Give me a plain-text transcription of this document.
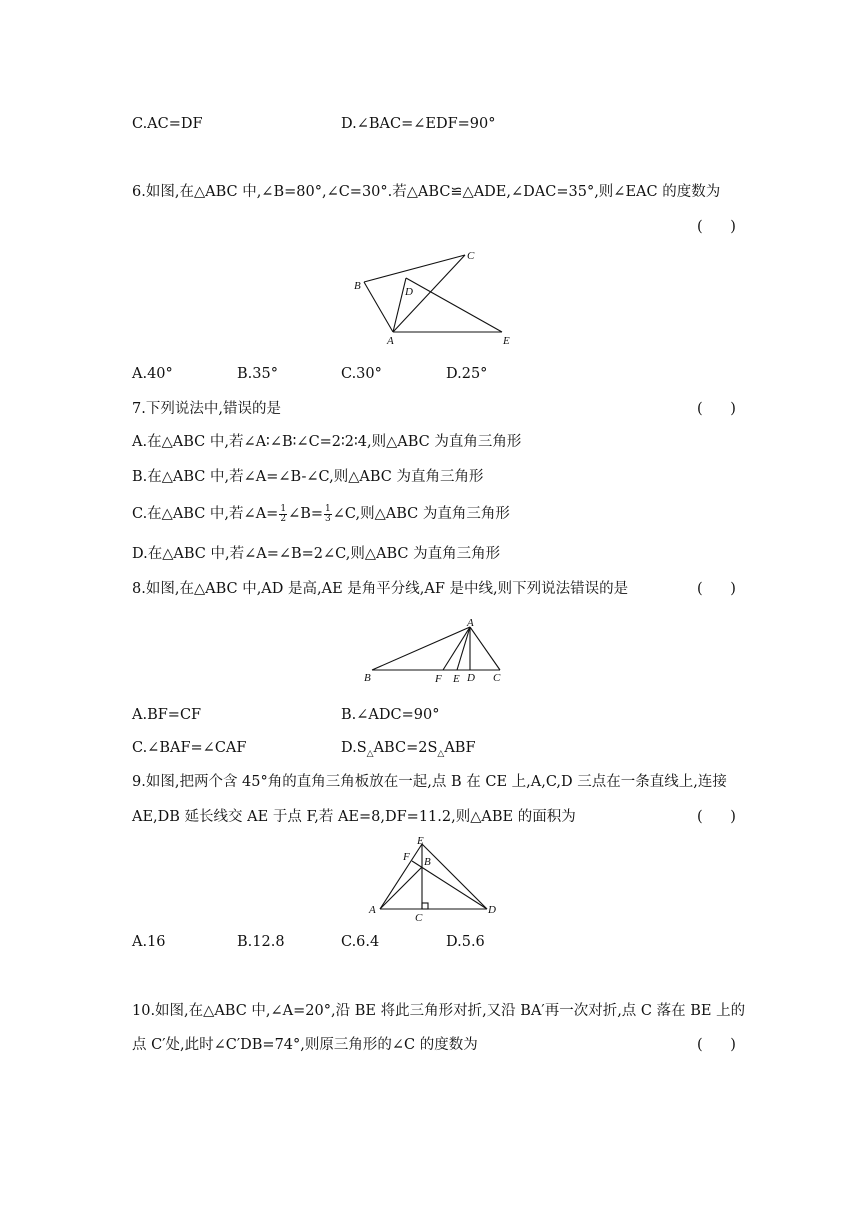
C.AC=DF	D.∠BAC=∠EDF=90°
6.如图,在△ABC 中,∠B=80°,∠C=30°.若△ABC≌△ADE,∠DAC=35°,则∠EAC 的度数为
(      )
B
C
D
A	E
A.40°	B.35°	C.30°	D.25°
7.下列说法中,错误的是	(      )
A.在△ABC 中,若∠A∶∠B∶∠C=2∶2∶4,则△ABC 为直角三角形
B.在△ABC 中,若∠A=∠B-∠C,则△ABC 为直角三角形
C.在△ABC 中,若∠A= $\frac{1}{2}$ ∠B= $\frac{1}{3}$ ∠C,则△ABC 为直角三角形
D.在△ABC 中,若∠A=∠B=2∠C,则△ABC 为直角三角形
8.如图,在△ABC 中,AD 是高,AE 是角平分线,AF 是中线,则下列说法错误的是	(      )
A
B	F E D C
A.BF=CF	B.∠ADC=90°
C.∠BAF=∠CAF	$D.S_\triangle ABC=2S_\triangle ABF$
9.如图,把两个含 45°角的直角三角板放在一起,点 B 在 CE 上,A,C,D 三点在一条直线上,连接
AE,DB 延长线交 AE 于点 F,若 AE=8,DF=11.2,则△ABE 的面积为	(      )
E
F B
A
C
D
A.16	B.12.8	C.6.4	D.5.6
10.如图,在△ABC 中,∠A=20°,沿 BE 将此三角形对折,又沿 BA′再一次对折,点 C 落在 BE 上的
点 C′处,此时∠C′DB=74°,则原三角形的∠C 的度数为	(      )
